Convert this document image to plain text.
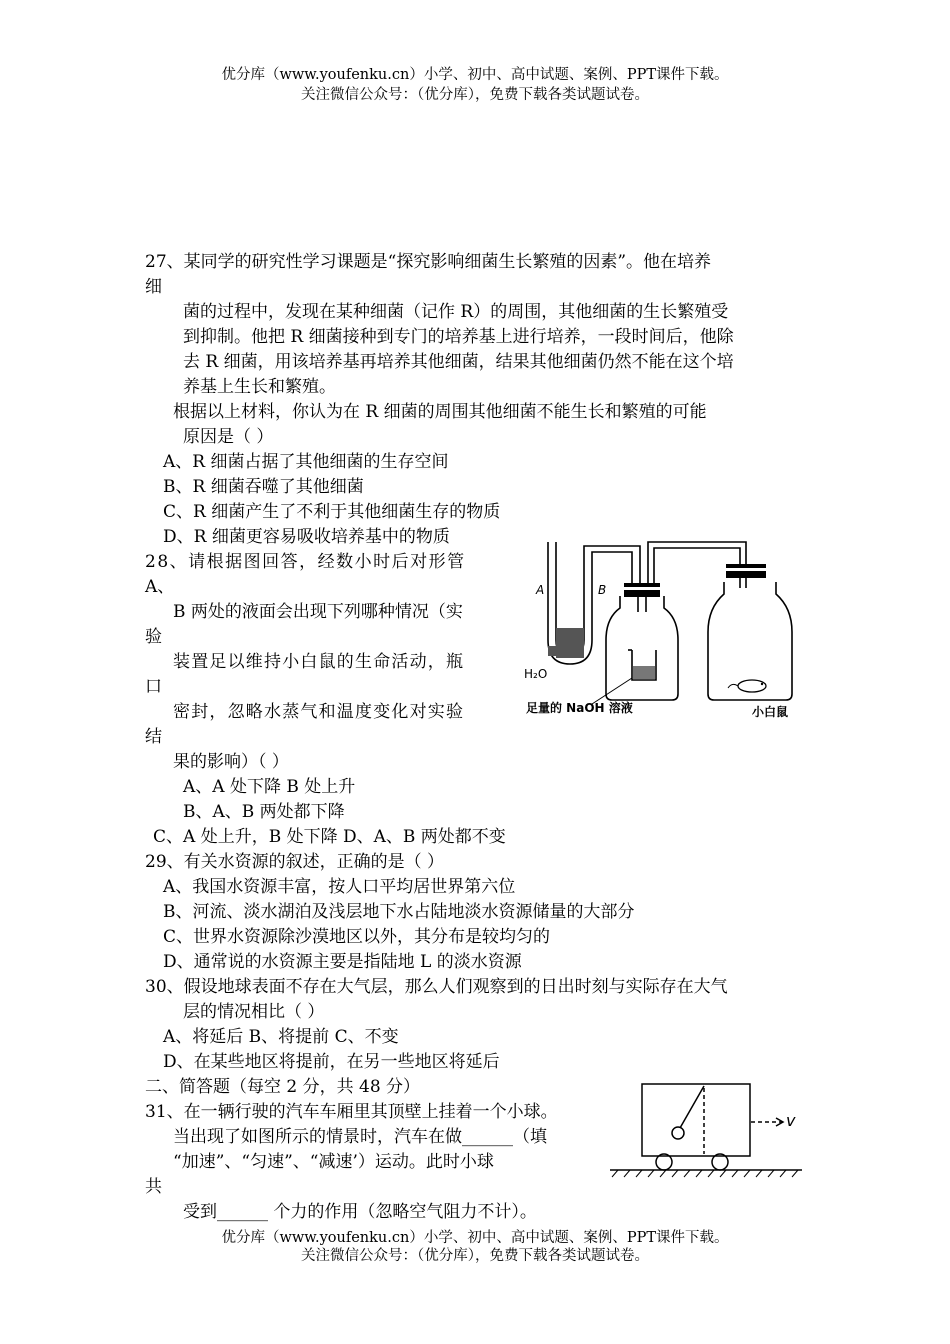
优分库（www.youfenku.cn）小学、初中、高中试题、案例、PPT课件下载。
关注微信公众号：（优分库），免费下载各类试题试卷。
27、某同学的研究性学习课题是“探究影响细菌生长繁殖的因素”。他在培养
细
菌的过程中，发现在某种细菌（记作 R）的周围，其他细菌的生长繁殖受
到抑制。他把 R 细菌接种到专门的培养基上进行培养，一段时间后，他除
去 R 细菌，用该培养基再培养其他细菌，结果其他细菌仍然不能在这个培
养基上生长和繁殖。
根据以上材料，你认为在 R 细菌的周围其他细菌不能生长和繁殖的可能
原因是（ ）
A、R 细菌占据了其他细菌的生存空间
B、R 细菌吞噬了其他细菌
C、R 细菌产生了不利于其他细菌生存的物质
D、R 细菌更容易吸收培养基中的物质
28、请根据图回答，经数小时后对形管
A、
B 两处的液面会出现下列哪种情况（实
验
装置足以维持小白鼠的生命活动，瓶
口
密封，忽略水蒸气和温度变化对实验
结
果的影响）（ ）
A、A 处下降 B 处上升
B、A、B 两处都下降
C、A 处上升，B 处下降 D、A、B 两处都不变
A	B
H₂O
足量的 NaOH 溶液	小白鼠
29、有关水资源的叙述，正确的是（ ）
A、我国水资源丰富，按人口平均居世界第六位
B、河流、淡水湖泊及浅层地下水占陆地淡水资源储量的大部分
C、世界水资源除沙漠地区以外，其分布是较均匀的
D、通常说的水资源主要是指陆地 L 的淡水资源
30、假设地球表面不存在大气层，那么人们观察到的日出时刻与实际存在大气
层的情况相比（ ）
A、将延后 B、将提前 C、不变
D、在某些地区将提前，在另一些地区将延后
二、简答题（每空 2 分，共 48 分）
31、在一辆行驶的汽车车厢里其顶壁上挂着一个小球。
当出现了如图所示的情景时，汽车在做______（填
“加速”、“匀速”、“减速’）运动。此时小球
共
受到______ 个力的作用（忽略空气阻力不计）。
v
优分库（www.youfenku.cn）小学、初中、高中试题、案例、PPT课件下载。
关注微信公众号：（优分库），免费下载各类试题试卷。
